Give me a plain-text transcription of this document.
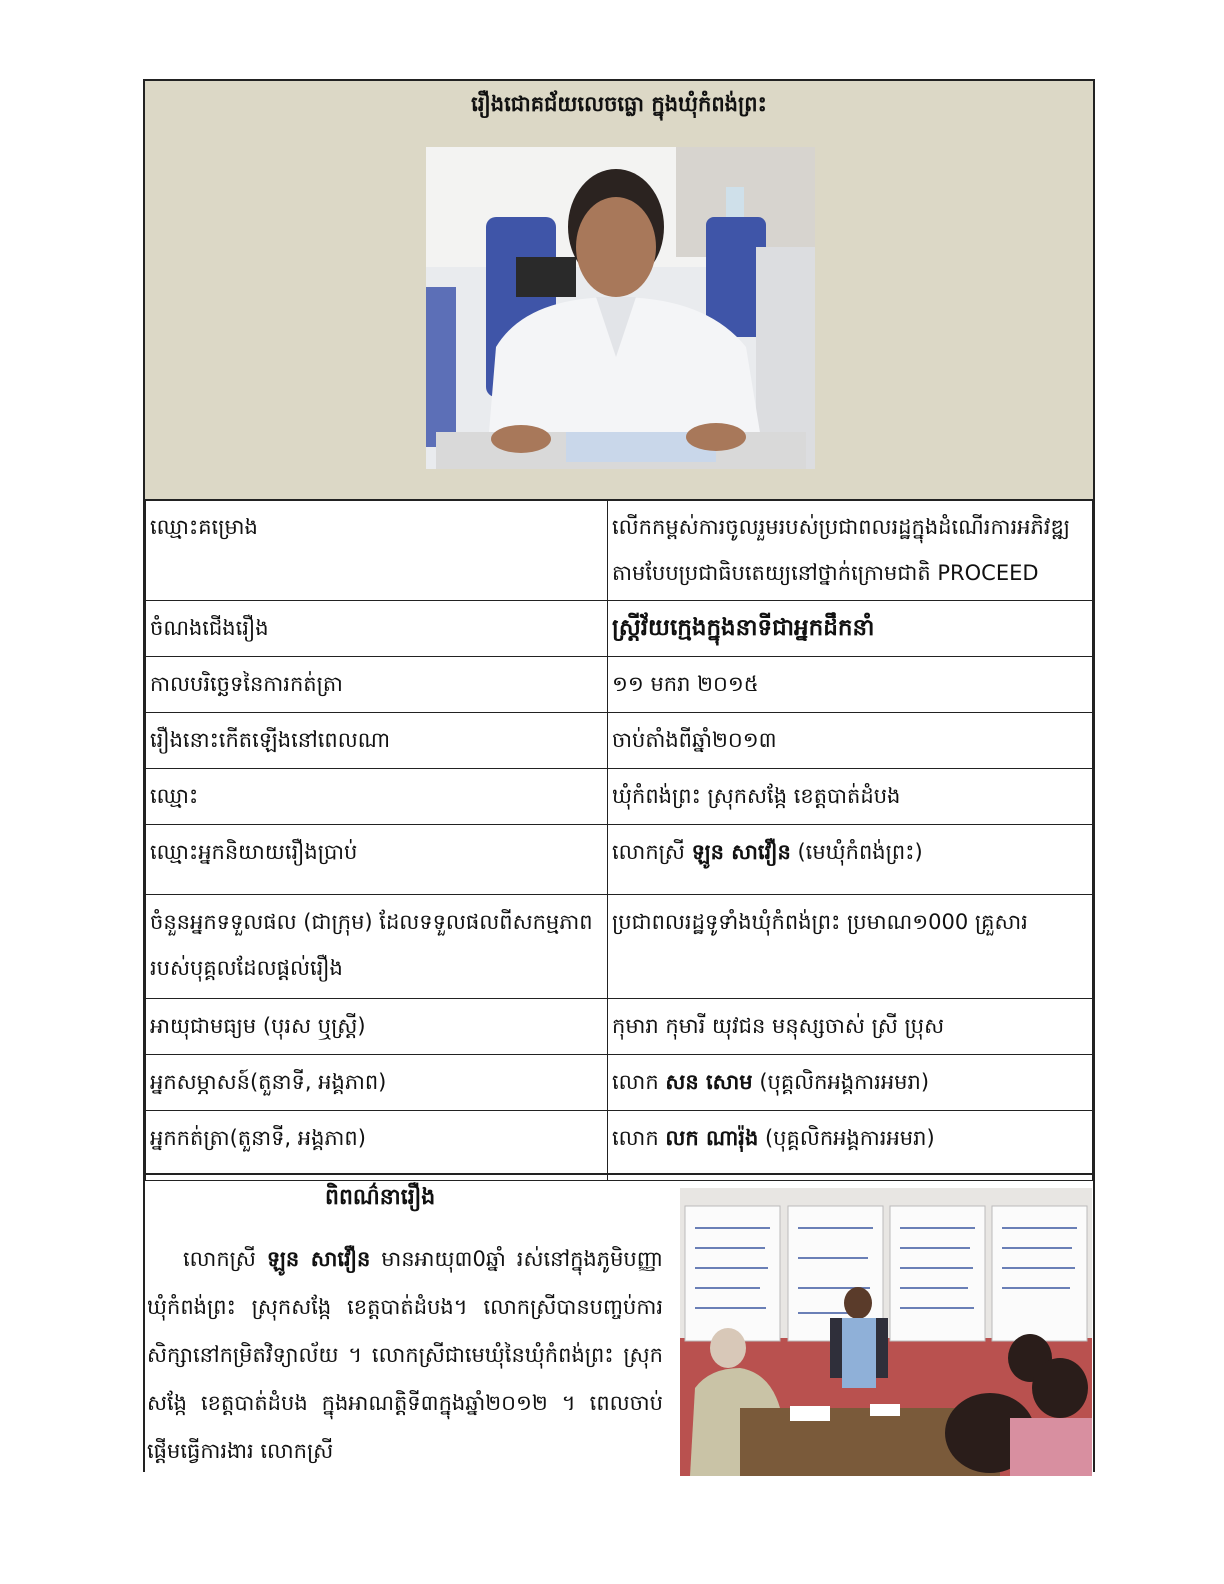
រឿងជោគជ័យលេចធ្លោ ក្នុងឃុំកំពង់ព្រះ
ឈ្មោះគម្រោង	លើកកម្ពស់ការចូលរួមរបស់ប្រជាពលរដ្ឋក្នុងដំណើរការអភិវឌ្ឍតាមបែបប្រជាធិបតេយ្យនៅថ្នាក់ក្រោមជាតិ PROCEED
ចំណងជើងរឿង	ស្ត្រីវ័យក្មេងក្នុងនាទីជាអ្នកដឹកនាំ
កាលបរិច្ឆេទនៃការកត់ត្រា	១១ មករា ២០១៥
រឿងនោះកើតឡើងនៅពេលណា	ចាប់តាំងពីឆ្នាំ២០១៣
ឈ្មោះ	ឃុំកំពង់ព្រះ ស្រុកសង្កែ ខេត្តបាត់ដំបង
ឈ្មោះអ្នកនិយាយរឿងប្រាប់	លោកស្រី ឡូន សាវឿន (មេឃុំកំពង់ព្រះ)
ចំនួនអ្នកទទួលផល (ជាក្រុម) ដែលទទួលផលពីសកម្មភាពរបស់បុគ្គលដែលផ្តល់រឿង	ប្រជាពលរដ្ឋទូទាំងឃុំកំពង់ព្រះ ប្រមាណ១000 គ្រួសារ
អាយុជាមធ្យម (បុរស ឬស្ត្រី)	កុមារា កុមារី យុវជន មនុស្សចាស់ ស្រី ប្រុស
អ្នកសម្ភាសន៍(តួនាទី, អង្គភាព)	លោក សន សោម (បុគ្គលិកអង្គការអមរា)
អ្នកកត់ត្រា(តួនាទី, អង្គភាព)	លោក លក ណារ៉ុង (បុគ្គលិកអង្គការអមរា)
ពិពណ៌នារឿង
លោកស្រី ឡូន សាវឿន មានអាយុ៣0ឆ្នាំ រស់នៅក្នុងភូមិបញ្ញា ឃុំកំពង់ព្រះ ស្រុកសង្កែ ខេត្តបាត់ដំបង។ លោកស្រីបានបញ្ចប់ការសិក្សានៅកម្រិតវិទ្យាល័យ ។ លោកស្រីជាមេឃុំនៃឃុំកំពង់ព្រះ ស្រុកសង្កែ ខេត្តបាត់ដំបង ក្នុងអាណត្តិទី៣ក្នុងឆ្នាំ២០១២ ។ ពេលចាប់ផ្តើមធ្វើការងារ លោកស្រី
